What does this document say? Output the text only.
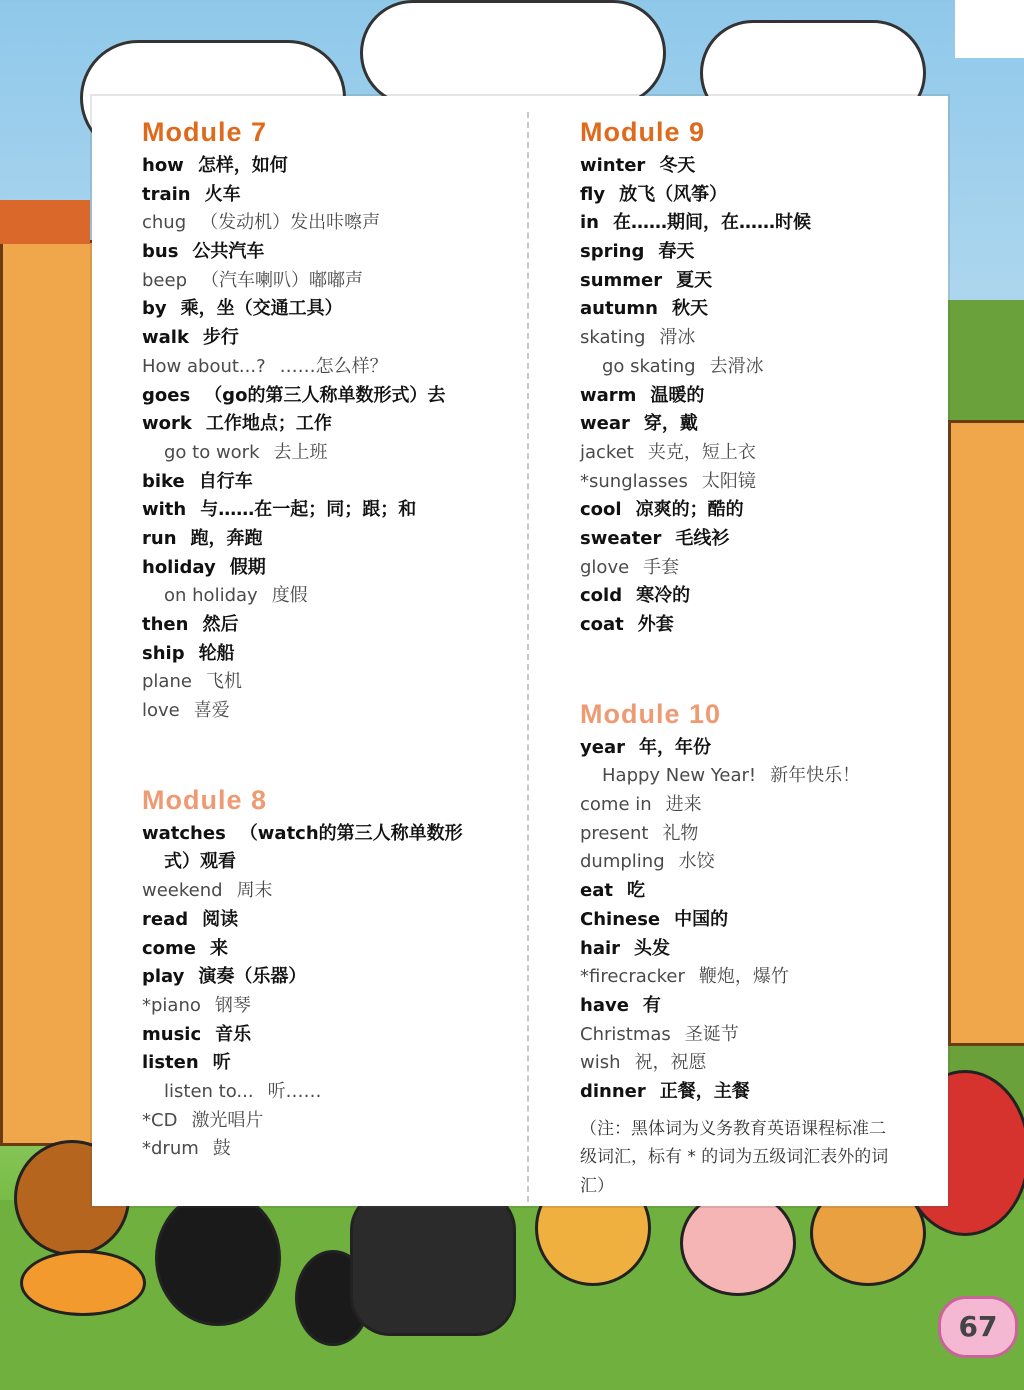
Module 7
how 怎样，如何
train 火车
chug （发动机）发出咔嚓声
bus 公共汽车
beep （汽车喇叭）嘟嘟声
by 乘，坐（交通工具）
walk 步行
How about...? ……怎么样？
goes （go的第三人称单数形式）去
work 工作地点；工作
go to work 去上班
bike 自行车
with 与……在一起；同；跟；和
run 跑，奔跑
holiday 假期
on holiday 度假
then 然后
ship 轮船
plane 飞机
love 喜爱
Module 8
watches （watch的第三人称单数形
式）观看
weekend 周末
read 阅读
come 来
play 演奏（乐器）
*piano 钢琴
music 音乐
listen 听
listen to... 听……
*CD 激光唱片
*drum 鼓
Module 9
winter 冬天
fly 放飞（风筝）
in 在……期间，在……时候
spring 春天
summer 夏天
autumn 秋天
skating 滑冰
go skating 去滑冰
warm 温暖的
wear 穿，戴
jacket 夹克，短上衣
*sunglasses 太阳镜
cool 凉爽的；酷的
sweater 毛线衫
glove 手套
cold 寒冷的
coat 外套
Module 10
year 年，年份
Happy New Year! 新年快乐！
come in 进来
present 礼物
dumpling 水饺
eat 吃
Chinese 中国的
hair 头发
*firecracker 鞭炮，爆竹
have 有
Christmas 圣诞节
wish 祝，祝愿
dinner 正餐，主餐
（注：黑体词为义务教育英语课程标准二级词汇，标有 * 的词为五级词汇表外的词汇）
67
